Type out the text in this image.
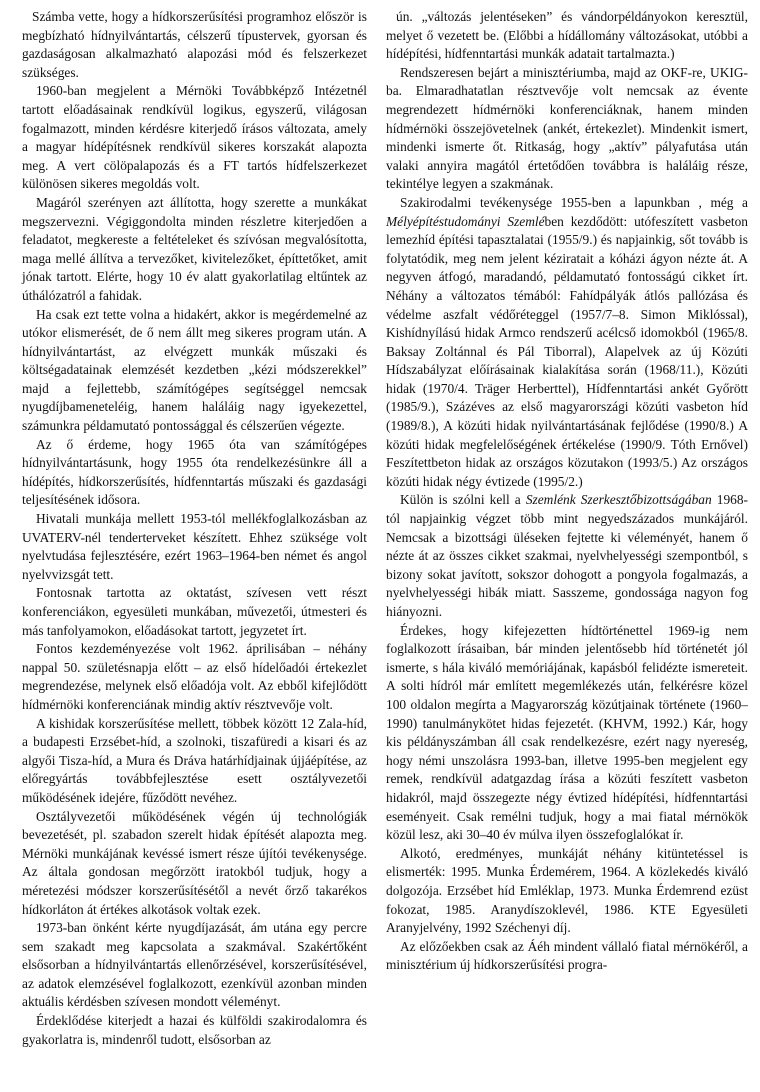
Számba vette, hogy a hídkorszerűsítési programhoz először is megbízható hídnyilvántartás, célszerű típustervek, gyorsan és gazdaságosan alkalmazható alapozási mód és felszerkezet szükséges.

1960-ban megjelent a Mérnöki Továbbképző Intézetnél tartott előadásainak rendkívül logikus, egyszerű, világosan fogalmazott, minden kérdésre kiterjedő írásos változata, amely a magyar hídépítésnek rendkívül sikeres korszakát alapozta meg. A vert cölöpalapozás és a FT tartós hídfelszerkezet különösen sikeres megoldás volt.

Magáról szerényen azt állította, hogy szerette a munkákat megszervezni. Végiggondolta minden részletre kiterjedően a feladatot, megkereste a feltételeket és szívósan megvalósította, maga mellé állítva a tervezőket, kivitelezőket, építtetőket, amit jónak tartott. Elérte, hogy 10 év alatt gyakorlatilag eltűntek az úthálózatról a fahidak.

Ha csak ezt tette volna a hidakért, akkor is megérdemelné az utókor elismerését, de ő nem állt meg sikeres program után. A hídnyilvántartást, az elvégzett munkák műszaki és költségadatainak elemzését kezdetben „kézi módszerekkel” majd a fejlettebb, számítógépes segítséggel nemcsak nyugdíjbameneteléig, hanem haláláig nagy igyekezettel, számunkra példamutató pontossággal és célszerűen végezte.

Az ő érdeme, hogy 1965 óta van számítógépes hídnyilvántartásunk, hogy 1955 óta rendelkezésünkre áll a hídépítés, hídkorszerűsítés, hídfenntartás műszaki és gazdasági teljesítésének idősora.

Hivatali munkája mellett 1953-tól mellékfoglalkozásban az UVATERV-nél tenderterveket készített. Ehhez szüksége volt nyelvtudása fejlesztésére, ezért 1963–1964-ben német és angol nyelvvizsgát tett.

Fontosnak tartotta az oktatást, szívesen vett részt konferenciákon, egyesületi munkában, művezetői, útmesteri és más tanfolyamokon, előadásokat tartott, jegyzetet írt.

Fontos kezdeményezése volt 1962. áprilisában – néhány nappal 50. születésnapja előtt – az első hídelőadói értekezlet megrendezése, melynek első előadója volt. Az ebből kifejlődött hídmérnöki konferenciának mindig aktív résztvevője volt.

A kishidak korszerűsítése mellett, többek között 12 Zala-híd, a budapesti Erzsébet-híd, a szolnoki, tiszafüredi a kisari és az algyői Tisza-híd, a Mura és Dráva határhídjainak újjáépítése, az előregyártás továbbfejlesztése esett osztályvezetői működésének idejére, fűződött nevéhez.

Osztályvezetői működésének végén új technológiák bevezetését, pl. szabadon szerelt hidak építését alapozta meg. Mérnöki munkájának kevéssé ismert része újítói tevékenysége. Az általa gondosan megőrzött iratokból tudjuk, hogy a méretezési módszer korszerűsítésétől a nevét őrző takarékos hídkorláton át értékes alkotások voltak ezek.

1973-ban önként kérte nyugdíjazását, ám utána egy percre sem szakadt meg kapcsolata a szakmával. Szakértőként elsősorban a hídnyilvántartás ellenőrzésével, korszerűsítésével, az adatok elemzésével foglalkozott, ezenkívül azonban minden aktuális kérdésben szívesen mondott véleményt.

Érdeklődése kiterjedt a hazai és külföldi szakirodalomra és gyakorlatra is, mindenről tudott, elsősorban az

ún. „változás jelentéseken” és vándorpéldányokon keresztül, melyet ő vezetett be. (Előbbi a hídállomány változásokat, utóbbi a hídépítési, hídfenntartási munkák adatait tartalmazta.)

Rendszeresen bejárt a minisztériumba, majd az OKF-re, UKIG-ba. Elmaradhatatlan résztvevője volt nemcsak az évente megrendezett hídmérnöki konferenciáknak, hanem minden hídmérnöki összejövetelnek (ankét, értekezlet). Mindenkit ismert, mindenki ismerte őt. Ritkaság, hogy „aktív” pályafutása után valaki annyira magától értetődően továbbra is haláláig része, tekintélye legyen a szakmának.

Szakirodalmi tevékenysége 1955-ben a lapunkban , még a Mélyépítéstudományi Szemlében kezdődött: utófeszített vasbeton lemezhíd építési tapasztalatai (1955/9.) és napjainkig, sőt tovább is folytatódik, meg nem jelent kéziratait a kóházi ágyon nézte át. A negyven átfogó, maradandó, példamutató fontosságú cikket írt. Néhány a változatos témából: Fahídpályák átlós pallózása és védelme aszfalt védőréteggel (1957/7–8. Simon Miklóssal), Kishídnyílású hidak Armco rendszerű acélcső idomokból (1965/8. Baksay Zoltánnal és Pál Tiborral), Alapelvek az új Közúti Hídszabályzat előírásainak kialakítása során (1968/11.), Közúti hidak (1970/4. Träger Herberttel), Hídfenntartási ankét Győrött (1985/9.), Százéves az első magyarországi közúti vasbeton híd (1989/8.), A közúti hidak nyilvántartásának fejlődése (1990/8.) A közúti hidak megfelelőségének értékelése (1990/9. Tóth Ernővel) Feszítettbeton hidak az országos közutakon (1993/5.) Az országos közúti hidak négy évtizede (1995/2.)

Külön is szólni kell a Szemlénk Szerkesztőbizottságában 1968-tól napjainkig végzet több mint negyedszázados munkájáról. Nemcsak a bizottsági üléseken fejtette ki véleményét, hanem ő nézte át az összes cikket szakmai, nyelvhelyességi szempontból, s bizony sokat javított, sokszor dohogott a pongyola fogalmazás, a nyelvhelyességi hibák miatt. Sasszeme, gondossága nagyon fog hiányozni.

Érdekes, hogy kifejezetten hídtörténettel 1969-ig nem foglalkozott írásaiban, bár minden jelentősebb híd történetét jól ismerte, s hála kiváló memóriájának, kapásból felidézte ismereteit. A solti hídról már említett megemlékezés után, felkérésre közel 100 oldalon megírta a Magyarország közútjainak története (1960–1990) tanulmánykötet hidas fejezetét. (KHVM, 1992.) Kár, hogy kis példányszámban áll csak rendelkezésre, ezért nagy nyereség, hogy némi unszolásra 1993-ban, illetve 1995-ben megjelent egy remek, rendkívül adatgazdag írása a közúti feszített vasbeton hidakról, majd összegezte négy évtized hídépítési, hídfenntartási eseményeit. Csak remélni tudjuk, hogy a mai fiatal mérnökök közül lesz, aki 30–40 év múlva ilyen összefoglalókat ír.

Alkotó, eredményes, munkáját néhány kitüntetéssel is elismerték: 1995. Munka Érdemérem, 1964. A közlekedés kiváló dolgozója. Erzsébet híd Emléklap, 1973. Munka Érdemrend ezüst fokozat, 1985. Aranydíszoklevél, 1986. KTE Egyesületi Aranyjelvény, 1992 Széchenyi díj.

Az előzőekben csak az Áéh mindent vállaló fiatal mérnökéről, a minisztérium új hídkorszerűsítési progra-
